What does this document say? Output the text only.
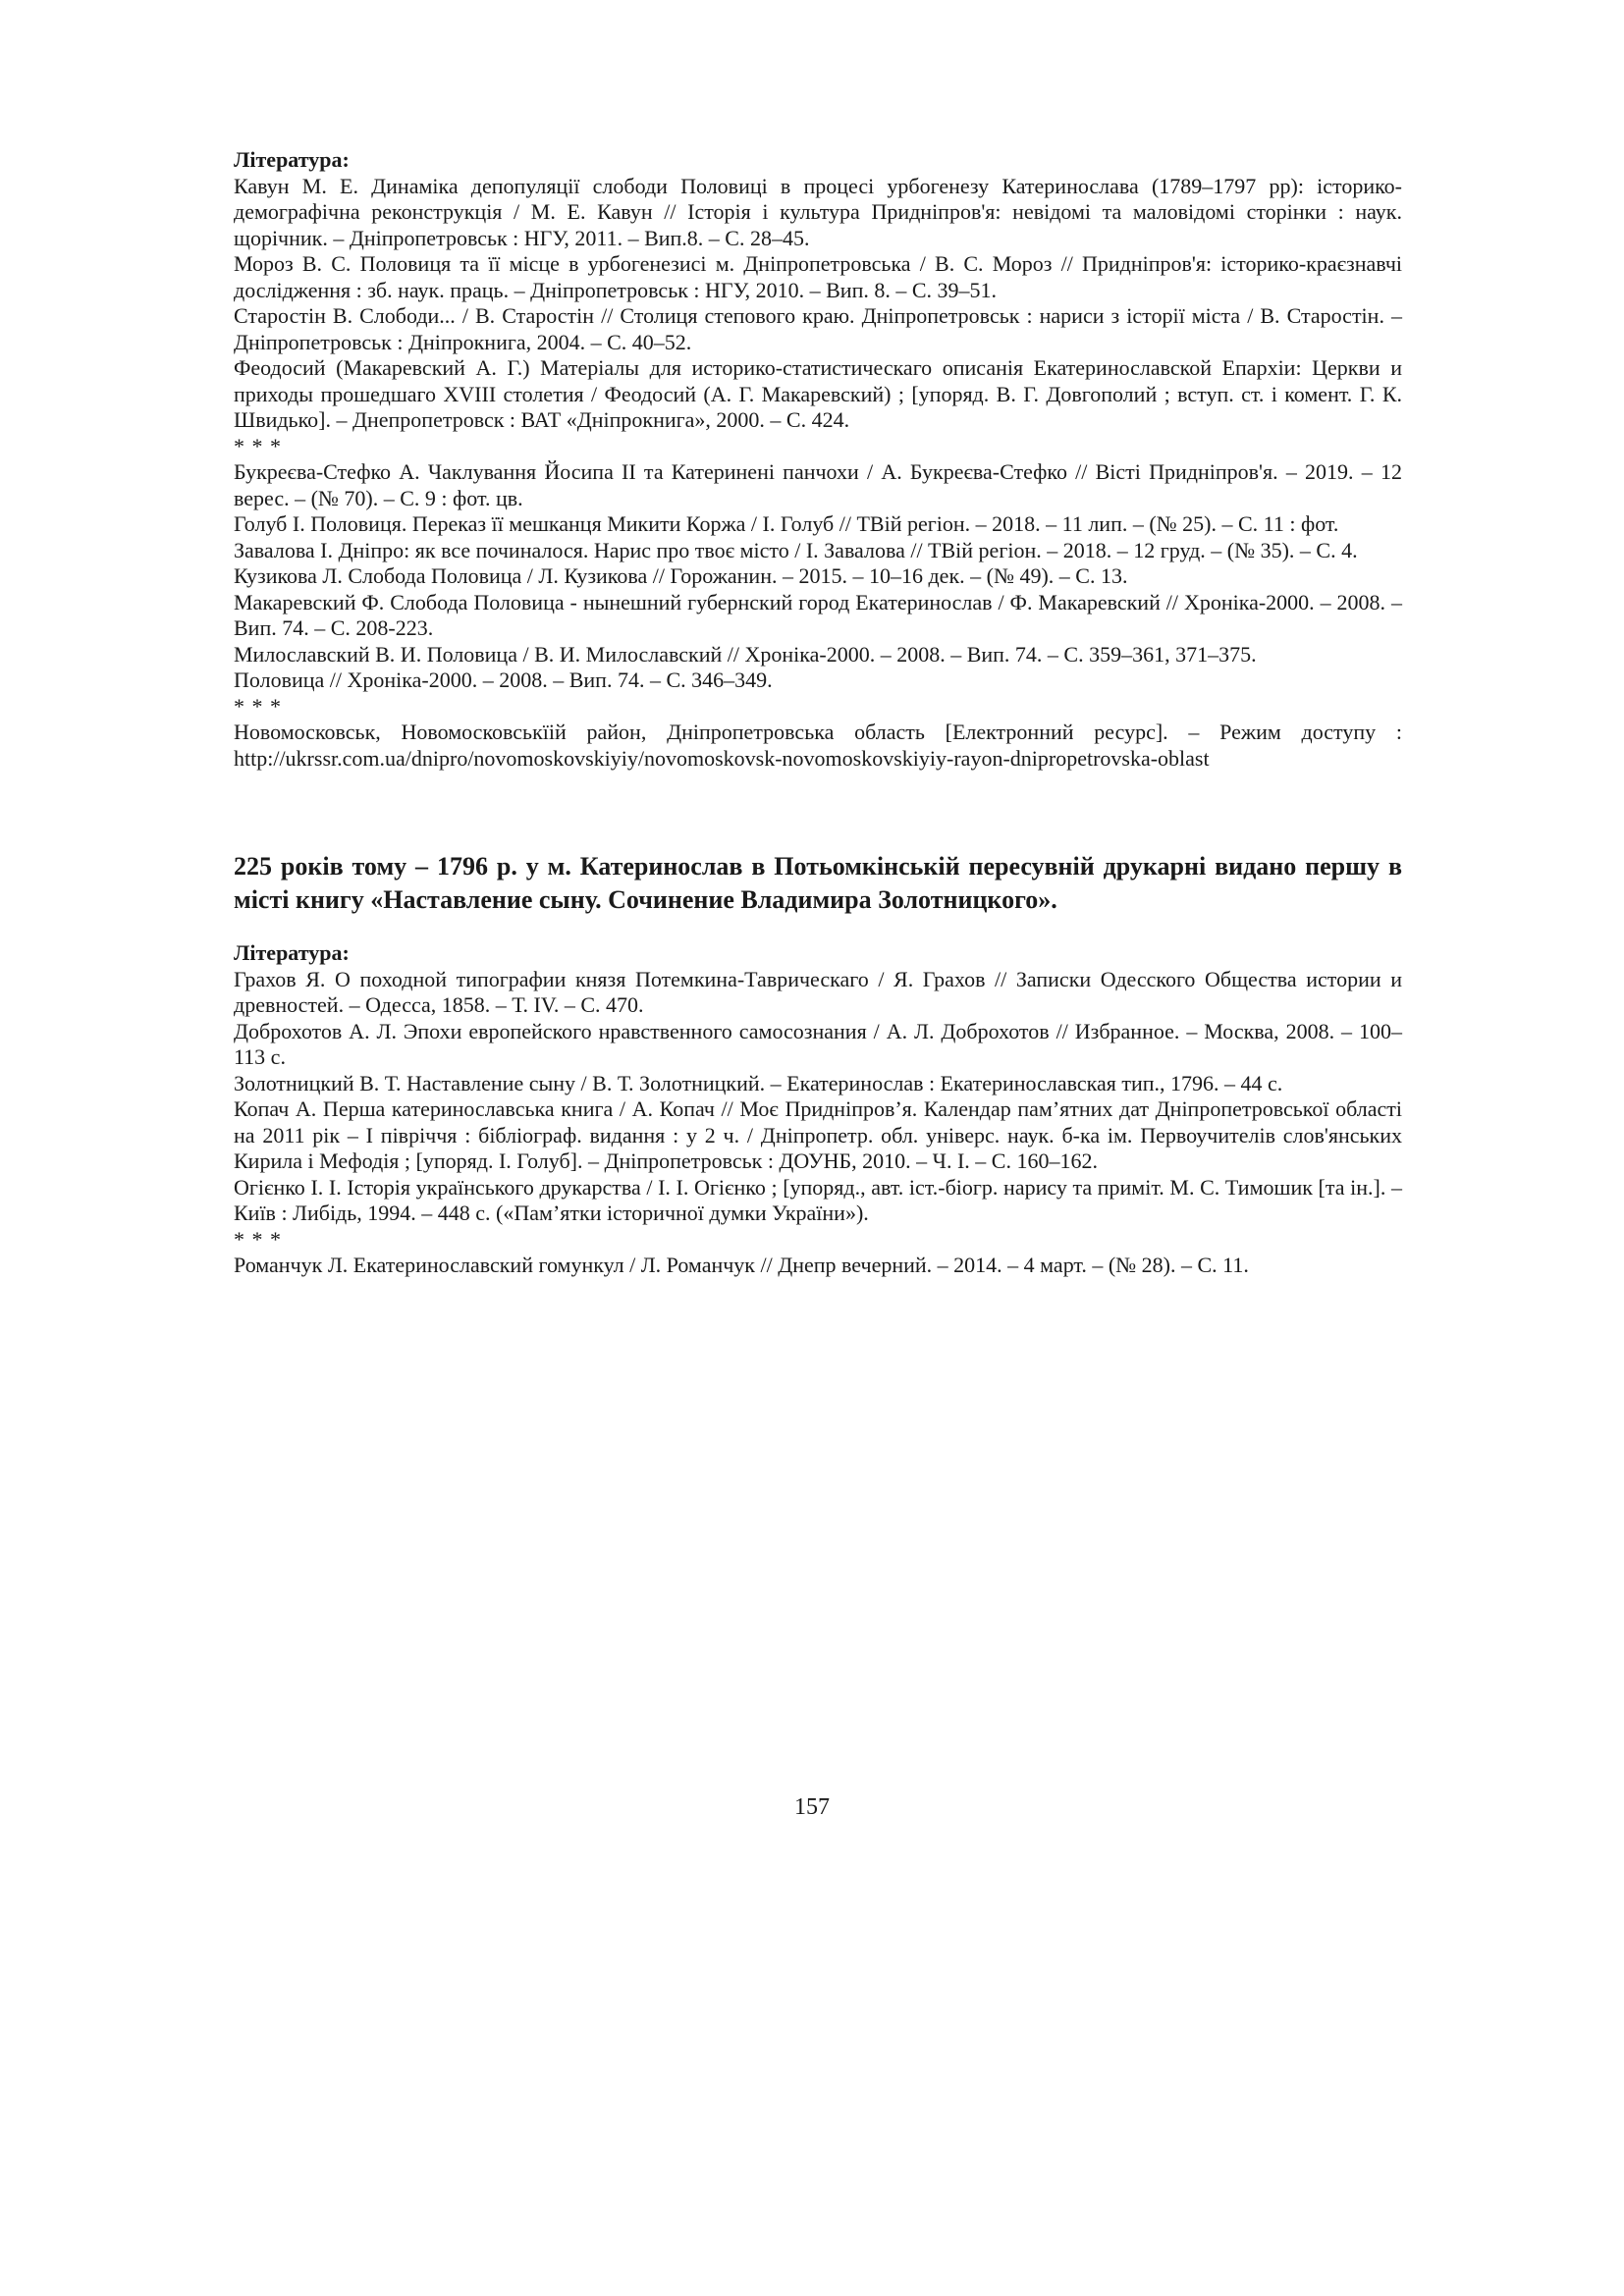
Література:

Кавун М. Е. Динаміка депопуляції слободи Половиці в процесі урбогенезу Катеринослава (1789–1797 рр): історико-демографічна реконструкція / М. Е. Кавун // Історія і культура Придніпров'я: невідомі та маловідомі сторінки : наук. щорічник. – Дніпропетровськ : НГУ, 2011. – Вип.8. – С. 28–45.

Мороз В. С. Половиця та її місце в урбогенезисі м. Дніпропетровська / В. С. Мороз // Придніпров'я: історико-краєзнавчі дослідження : зб. наук. праць. – Дніпропетровськ : НГУ, 2010. – Вип. 8. – С. 39–51.

Старостін В. Слободи... / В. Старостін // Столиця степового краю. Дніпропетровськ : нариси з історії міста / В. Старостін. – Дніпропетровськ : Дніпрокнига, 2004. – С. 40–52.

Феодосий (Макаревский А. Г.) Матеріалы для историко-статистическаго описанія Екатеринославской Епархіи: Церкви и приходы прошедшаго XVIII столетия / Феодосий (А. Г. Макаревский) ; [упоряд. В. Г. Довгополий ; вступ. ст. і комент. Г. К. Швидько]. – Днепропетровск : ВАТ «Дніпрокнига», 2000. – С. 424.

* * *

Букреєва-Стефко А. Чаклування Йосипа II та Катеринені панчохи / А. Букреєва-Стефко // Вісті Придніпров'я. – 2019. – 12 верес. – (№ 70). – С. 9 : фот. цв.

Голуб І. Половиця. Переказ її мешканця Микити Коржа / І. Голуб // ТВій регіон. – 2018. – 11 лип. – (№ 25). – С. 11 : фот.

Завалова І. Дніпро: як все починалося. Нарис про твоє місто / І. Завалова // ТВій регіон. – 2018. – 12 груд. – (№ 35). – С. 4.

Кузикова Л. Слобода Половица / Л. Кузикова // Горожанин. – 2015. – 10–16 дек. – (№ 49). – С. 13.

Макаревский Ф. Слобода Половица - нынешний губернский город Екатеринослав / Ф. Макаревский // Хроніка-2000. – 2008. – Вип. 74. – С. 208-223.

Милославский В. И. Половица / В. И. Милославский // Хроніка-2000. – 2008. – Вип. 74. – С. 359–361, 371–375.

Половица // Хроніка-2000. – 2008. – Вип. 74. – С. 346–349.

* * *

Новомосковськ, Новомосковськїій район, Дніпропетровська область [Електронний ресурс]. – Режим доступу : http://ukrssr.com.ua/dnipro/novomoskovskiyiy/novomoskovsk-novomoskovskiyiy-rayon-dnipropetrovska-oblast

225 років тому – 1796 р. у м. Катеринослав в Потьомкінській пересувній друкарні видано першу в місті книгу «Наставление сыну. Сочинение Владимира Золотницкого».

Література:

Грахов Я. О походной типографии князя Потемкина-Таврическаго / Я. Грахов // Записки Одесского Общества истории и древностей. – Одесса, 1858. – Т. IV. – С. 470.

Доброхотов А. Л. Эпохи европейского нравственного самосознания / А. Л. Доброхотов // Избранное. – Москва, 2008. – 100–113 с.

Золотницкий В. Т. Наставление сыну / В. Т. Золотницкий. – Екатеринослав : Екатеринославская тип., 1796. – 44 с.

Копач А. Перша катеринославська книга / А. Копач // Моє Придніпров’я. Календар пам’ятних дат Дніпропетровської області на 2011 рік – І півріччя : бібліограф. видання : у 2 ч. / Дніпропетр. обл. універс. наук. б-ка ім. Первоучителів слов'янських Кирила і Мефодія ; [упоряд. І. Голуб]. – Дніпропетровськ : ДОУНБ, 2010. – Ч. І. – С. 160–162.

Огієнко І. І. Історія українського друкарства / І. І. Огієнко ; [упоряд., авт. іст.-біогр. нарису та приміт. М. С. Тимошик [та ін.]. – Київ : Либідь, 1994. – 448 с. («Пам’ятки історичної думки України»).

* * *

Романчук Л. Екатеринославский гомункул / Л. Романчук // Днепр вечерний. – 2014. – 4 март. – (№ 28). – С. 11.

157
